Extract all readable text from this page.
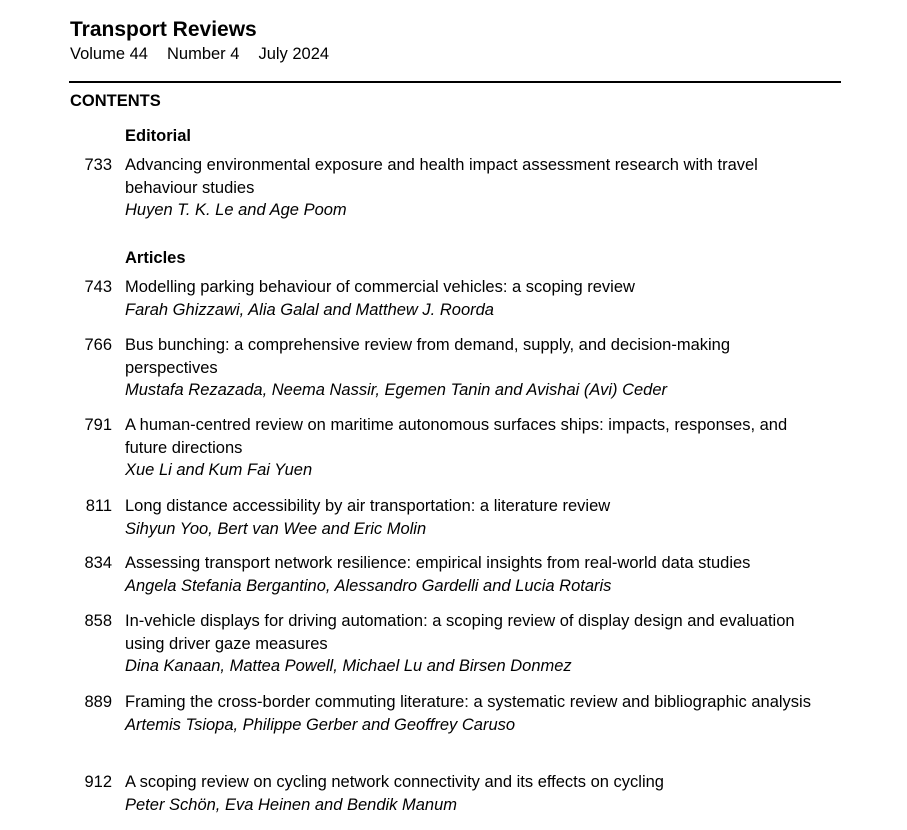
Transport Reviews
Volume 44 Number 4 July 2024
CONTENTS
Editorial
733 Advancing environmental exposure and health impact assessment research with travel behaviour studies
Huyen T. K. Le and Age Poom
Articles
743 Modelling parking behaviour of commercial vehicles: a scoping review
Farah Ghizzawi, Alia Galal and Matthew J. Roorda
766 Bus bunching: a comprehensive review from demand, supply, and decision-making perspectives
Mustafa Rezazada, Neema Nassir, Egemen Tanin and Avishai (Avi) Ceder
791 A human-centred review on maritime autonomous surfaces ships: impacts, responses, and future directions
Xue Li and Kum Fai Yuen
811 Long distance accessibility by air transportation: a literature review
Sihyun Yoo, Bert van Wee and Eric Molin
834 Assessing transport network resilience: empirical insights from real-world data studies
Angela Stefania Bergantino, Alessandro Gardelli and Lucia Rotaris
858 In-vehicle displays for driving automation: a scoping review of display design and evaluation using driver gaze measures
Dina Kanaan, Mattea Powell, Michael Lu and Birsen Donmez
889 Framing the cross-border commuting literature: a systematic review and bibliographic analysis
Artemis Tsiopa, Philippe Gerber and Geoffrey Caruso
912 A scoping review on cycling network connectivity and its effects on cycling
Peter Schön, Eva Heinen and Bendik Manum
